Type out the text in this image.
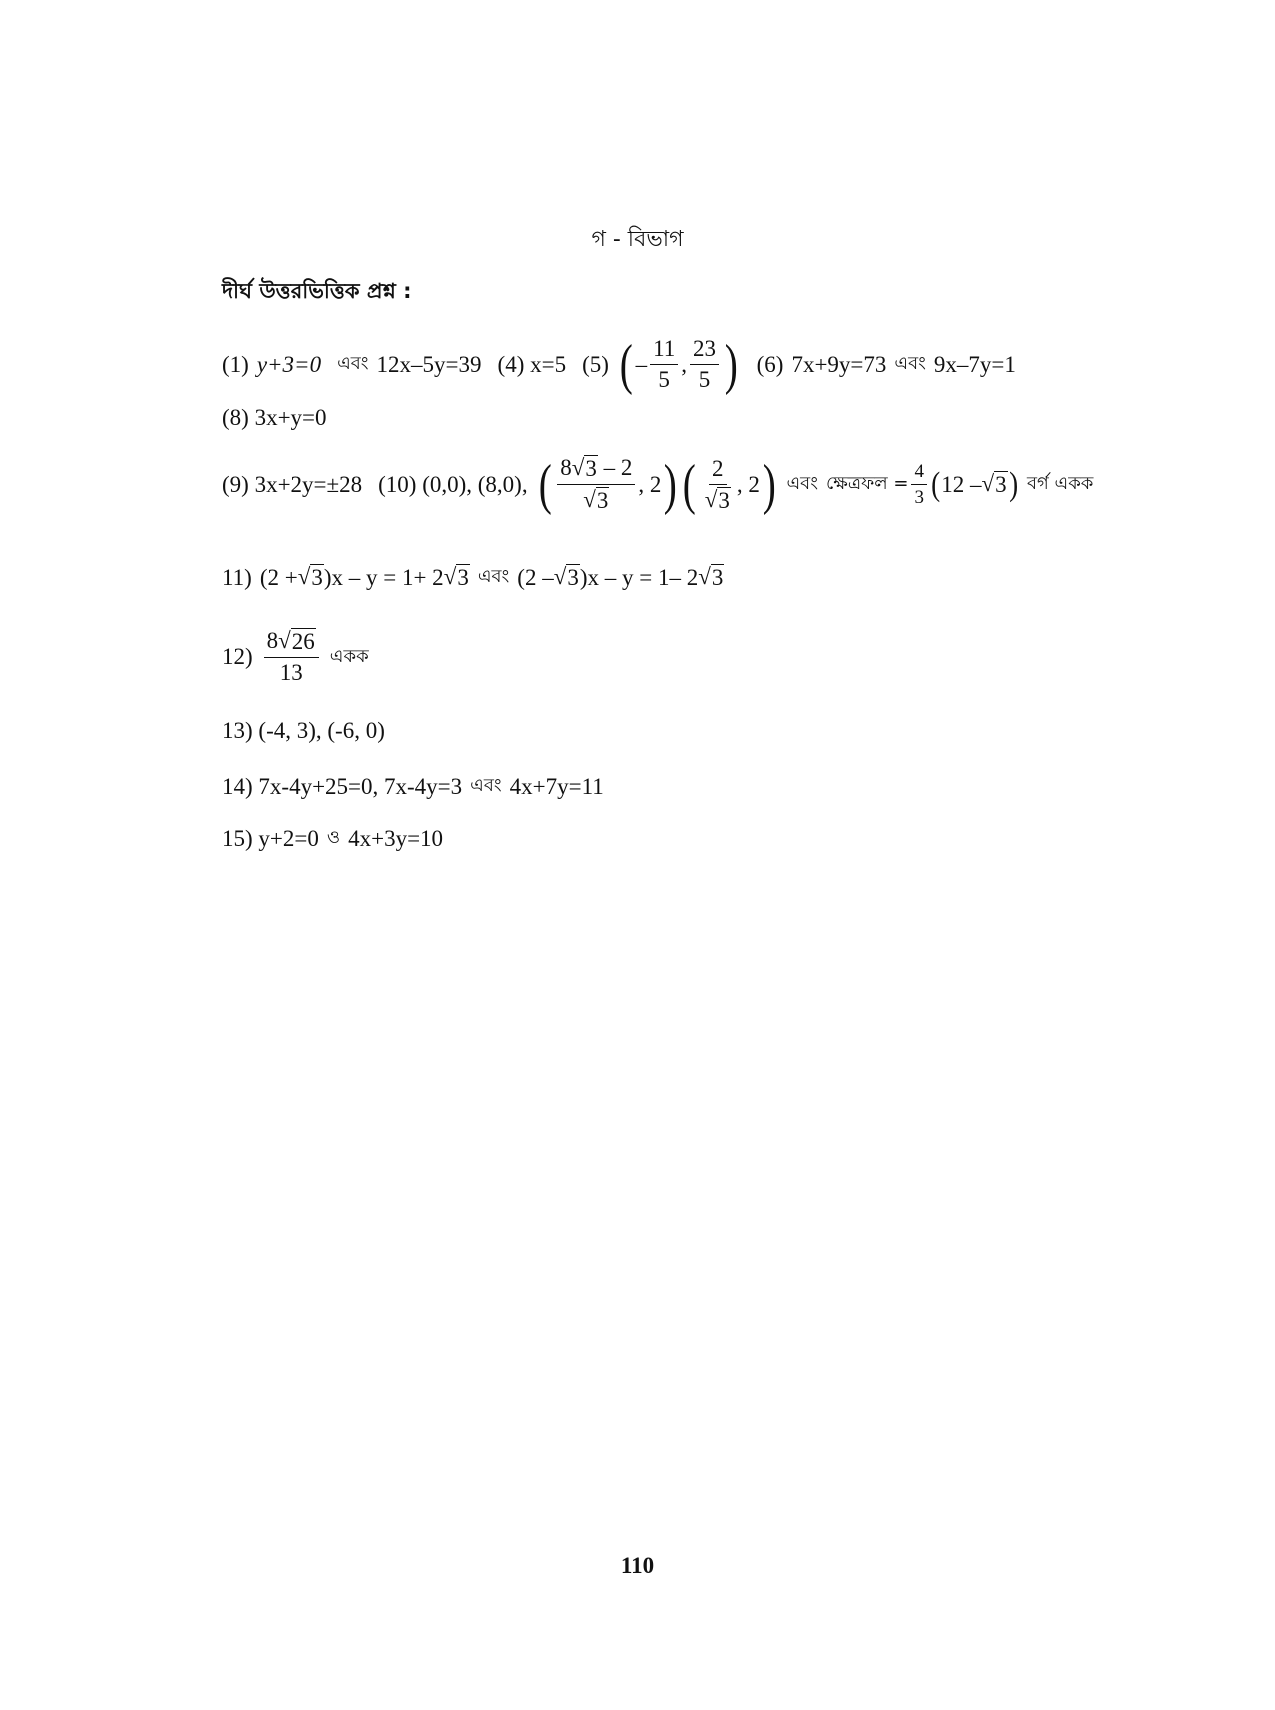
গ - বিভাগ
দীর্ঘ উত্তরভিত্তিক প্রশ্ন :
(1) y+3=0 এবং 12x–5y=39 (4) x=5 (5) ( – $\frac{11}{5}$ , $\frac{23}{5}$ ) (6) 7x+9y=73 এবং 9x–7y=1
(8) 3x+y=0
(9) 3x+2y=±28 (10) (0,0), (8,0), ( $\frac{8 √ 3 - 2}{√ 3}$ , 2 ) ( $\frac{2}{√ 3}$ , 2 ) এবং ক্ষেত্রফল = $\frac{4}{3}$ ( 12 – √ 3 ) বর্গ একক
11) (2 + √ 3 )x – y = 1+ 2 √ 3 এবং (2 – √ 3 )x – y = 1– 2 √ 3
$12) \frac{8 √ 26}{13}$ একক
13) (-4, 3), (-6, 0)
14) 7x-4y+25=0, 7x-4y=3 এবং 4x+7y=11
15) y+2=0 ও 4x+3y=10
110
